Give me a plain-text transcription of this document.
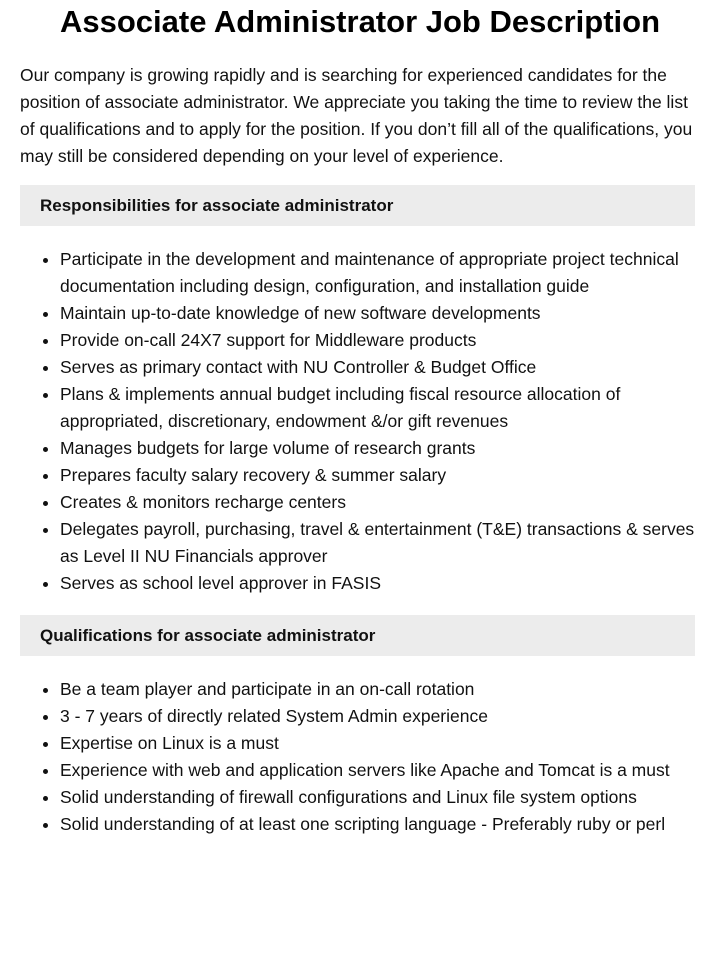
Associate Administrator Job Description

Our company is growing rapidly and is searching for experienced candidates for the position of associate administrator. We appreciate you taking the time to review the list of qualifications and to apply for the position. If you don’t fill all of the qualifications, you may still be considered depending on your level of experience.

Responsibilities for associate administrator
• Participate in the development and maintenance of appropriate project technical documentation including design, configuration, and installation guide
• Maintain up-to-date knowledge of new software developments
• Provide on-call 24X7 support for Middleware products
• Serves as primary contact with NU Controller & Budget Office
• Plans & implements annual budget including fiscal resource allocation of appropriated, discretionary, endowment &/or gift revenues
• Manages budgets for large volume of research grants
• Prepares faculty salary recovery & summer salary
• Creates & monitors recharge centers
• Delegates payroll, purchasing, travel & entertainment (T&E) transactions & serves as Level II NU Financials approver
• Serves as school level approver in FASIS
Qualifications for associate administrator
• Be a team player and participate in an on-call rotation
• 3 - 7 years of directly related System Admin experience
• Expertise on Linux is a must
• Experience with web and application servers like Apache and Tomcat is a must
• Solid understanding of firewall configurations and Linux file system options
• Solid understanding of at least one scripting language - Preferably ruby or perl
